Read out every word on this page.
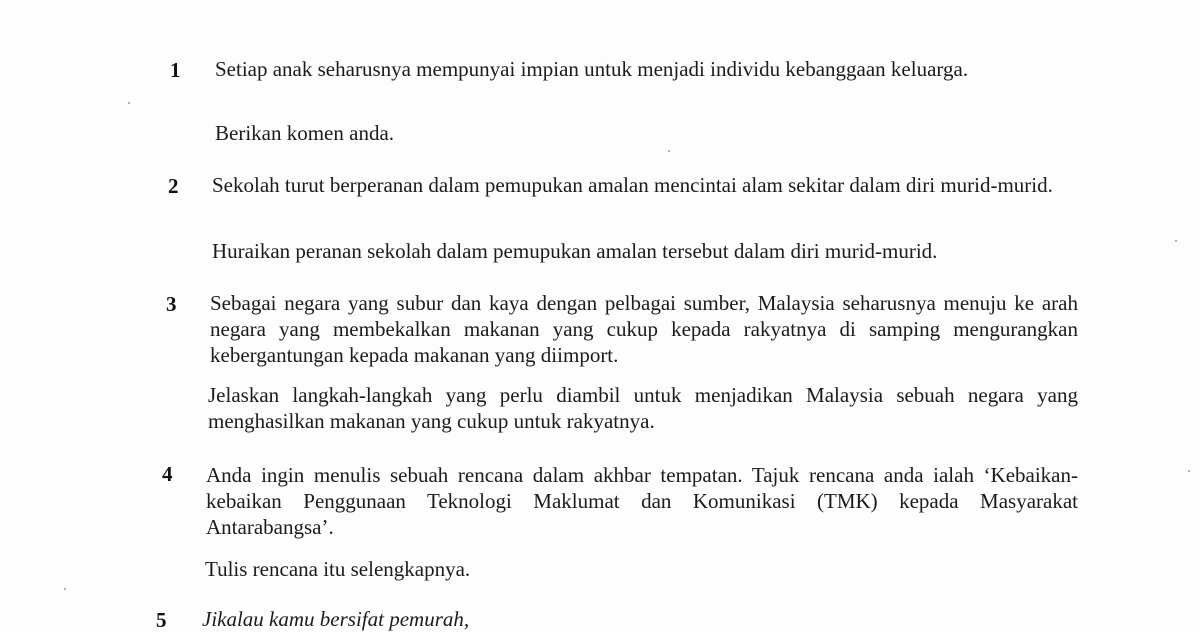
1 Setiap anak seharusnya mempunyai impian untuk menjadi individu kebanggaan keluarga.
Berikan komen anda.
2 Sekolah turut berperanan dalam pemupukan amalan mencintai alam sekitar dalam diri murid-murid.
Huraikan peranan sekolah dalam pemupukan amalan tersebut dalam diri murid-murid.
3 Sebagai negara yang subur dan kaya dengan pelbagai sumber, Malaysia seharusnya menuju ke arah negara yang membekalkan makanan yang cukup kepada rakyatnya di samping mengurangkan kebergantungan kepada makanan yang diimport.
Jelaskan langkah-langkah yang perlu diambil untuk menjadikan Malaysia sebuah negara yang menghasilkan makanan yang cukup untuk rakyatnya.
4 Anda ingin menulis sebuah rencana dalam akhbar tempatan. Tajuk rencana anda ialah ‘Kebaikan-kebaikan Penggunaan Teknologi Maklumat dan Komunikasi (TMK) kepada Masyarakat Antarabangsa’.
Tulis rencana itu selengkapnya.
5 Jikalau kamu bersifat pemurah,
